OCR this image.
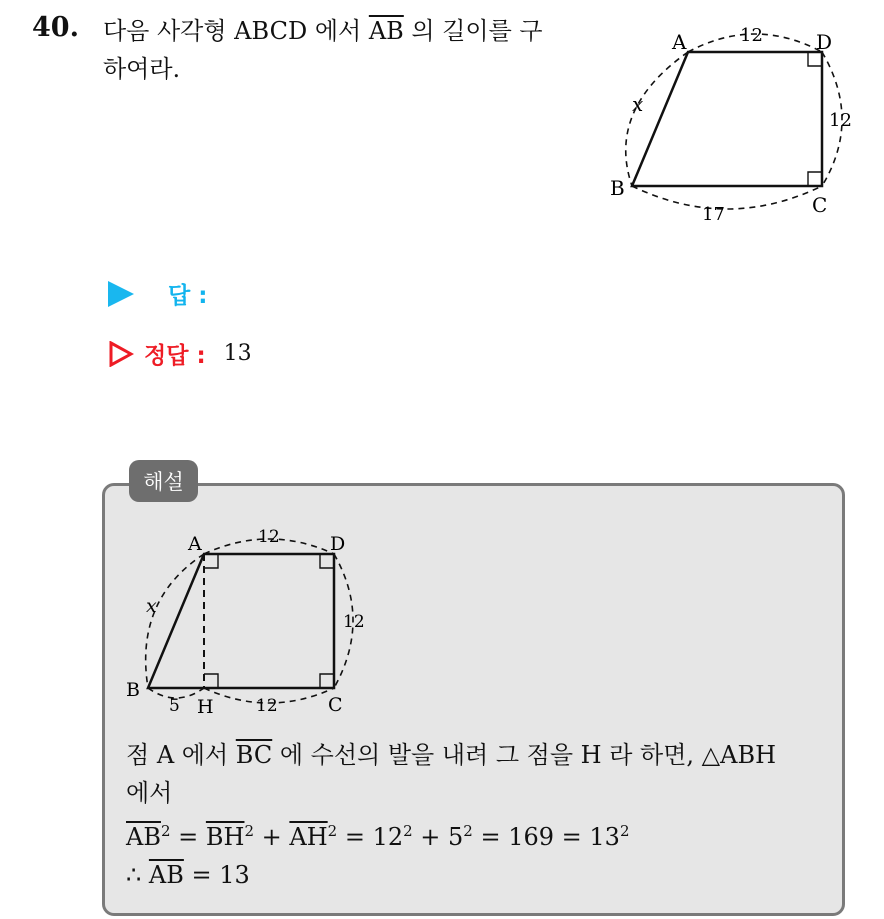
40. 다음 사각형 ABCD 에서 $\overline{AB}$ 의 길이를 구
하여라.
A	D
B
C
12
12
17
x
답 :
정답 : 13
해설
A	D
B
H	C
12
12
5	12
x
점 A 에서 $\overline{BC}$ 에 수선의 발을 내려 그 점을 H 라 하면, △ABH
에서
$\overline{AB}^2 = \overline{BH}^2 + \overline{AH}^2 = 12^2 + 5^2 = 169 = 13^2$
∴ $\overline{AB} = 13$
